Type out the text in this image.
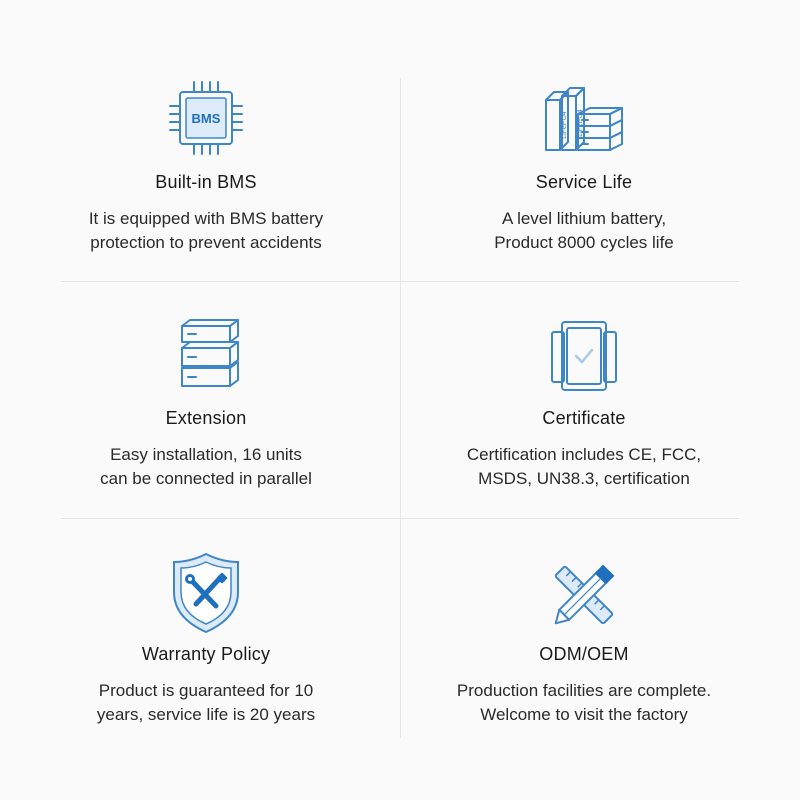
BMS
Built-in BMS
It is equipped with BMS battery
protection to prevent accidents
LiFePO4 LiFePO4
Service Life
A level lithium battery,
Product 8000 cycles life
Extension
Easy installation, 16 units
can be connected in parallel
Certificate
Certification includes CE, FCC,
MSDS, UN38.3, certification
Warranty Policy
Product is guaranteed for 10
years, service life is 20 years
ODM/OEM
Production facilities are complete.
Welcome to visit the factory
